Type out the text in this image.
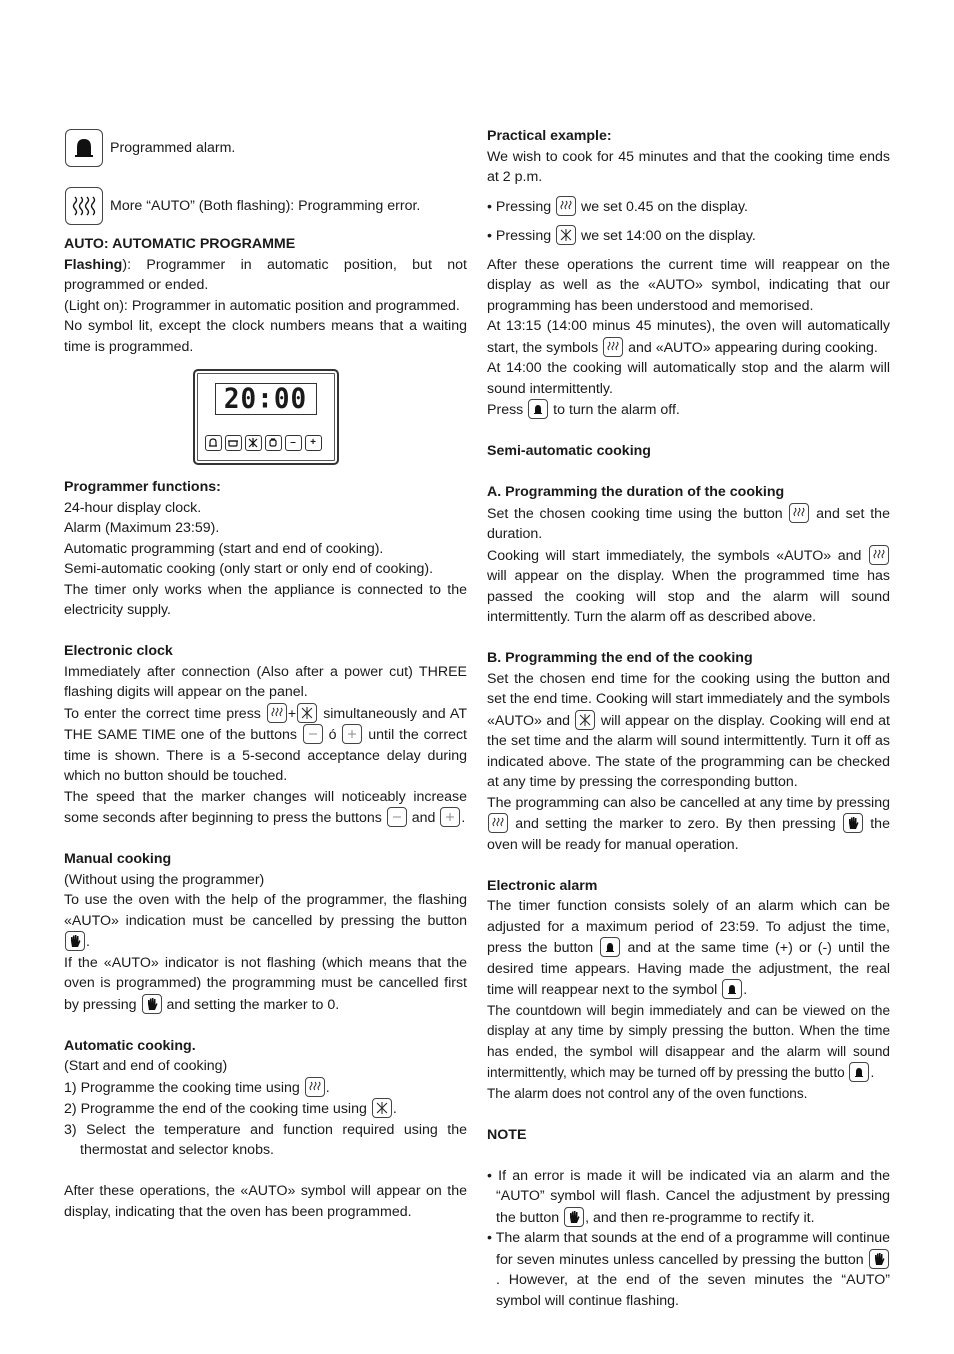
Programmed alarm.
More “AUTO” (Both flashing): Programming error.

AUTO: AUTOMATIC PROGRAMME

Flashing): Programmer in automatic position, but not programmed or ended.

(Light on): Programmer in automatic position and programmed.

No symbol lit, except the clock numbers means that a waiting time is programmed.

20:00
–	+

Programmer functions:

24-hour display clock.

Alarm (Maximum 23:59).

Automatic programming (start and end of cooking).

Semi-automatic cooking (only start or only end of cooking).

The timer only works when the appliance is connected to the electricity supply.

Electronic clock

Immediately after connection (Also after a power cut) THREE flashing digits will appear on the panel.

To enter the correct time press + simultaneously and AT THE SAME TIME one of the buttons ó until the correct time is shown. There is a 5-second acceptance delay during which no button should be touched.

The speed that the marker changes will noticeably increase some seconds after beginning to press the buttons and .

Manual cooking

(Without using the programmer)

To use the oven with the help of the programmer, the flashing «AUTO» indication must be cancelled by pressing the button
.

If the «AUTO» indicator is not flashing (which means that the oven is programmed) the programming must be cancelled first by pressing and setting the marker to 0.

Automatic cooking.

(Start and end of cooking)

1) Programme the cooking time using .
2) Programme the end of the cooking time using .
3) Select the temperature and function required using the thermostat and selector knobs.

After these operations, the «AUTO» symbol will appear on the display, indicating that the oven has been programmed.

Practical example:

We wish to cook for 45 minutes and that the cooking time ends at 2 p.m.

• Pressing we set 0.45 on the display.

• Pressing we set 14:00 on the display.

After these operations the current time will reappear on the display as well as the «AUTO» symbol, indicating that our programming has been understood and memorised.

At 13:15 (14:00 minus 45 minutes), the oven will automatically start, the symbols and «AUTO» appearing during cooking.

At 14:00 the cooking will automatically stop and the alarm will sound intermittently.

Press to turn the alarm off.

Semi-automatic cooking

A. Programming the duration of the cooking

Set the chosen cooking time using the button and set the duration.

Cooking will start immediately, the symbols «AUTO» and
will appear on the display. When the programmed time has passed the cooking will stop and the alarm will sound intermittently. Turn the alarm off as described above.

B. Programming the end of the cooking

Set the chosen end time for the cooking using the button and set the end time. Cooking will start immediately and the symbols «AUTO» and will appear on the display. Cooking will end at the set time and the alarm will sound intermittently. Turn it off as indicated above. The state of the programming can be checked at any time by pressing the corresponding button.

The programming can also be cancelled at any time by pressing
and setting the marker to zero. By then pressing the oven will be ready for manual operation.

Electronic alarm

The timer function consists solely of an alarm which can be adjusted for a maximum period of 23:59. To adjust the time, press the button and at the same time (+) or (-) until the desired time appears. Having made the adjustment, the real time will reappear next to the symbol .

The countdown will begin immediately and can be viewed on the display at any time by simply pressing the button. When the time has ended, the symbol will disappear and the alarm will sound intermittently, which may be turned off by pressing the butto .

The alarm does not control any of the oven functions.

NOTE

• If an error is made it will be indicated via an alarm and the “AUTO” symbol will flash. Cancel the adjustment by pressing the button , and then re-programme to rectify it.
• The alarm that sounds at the end of a programme will continue for seven minutes unless cancelled by pressing the button
. However, at the end of the seven minutes the “AUTO” symbol will continue flashing.
